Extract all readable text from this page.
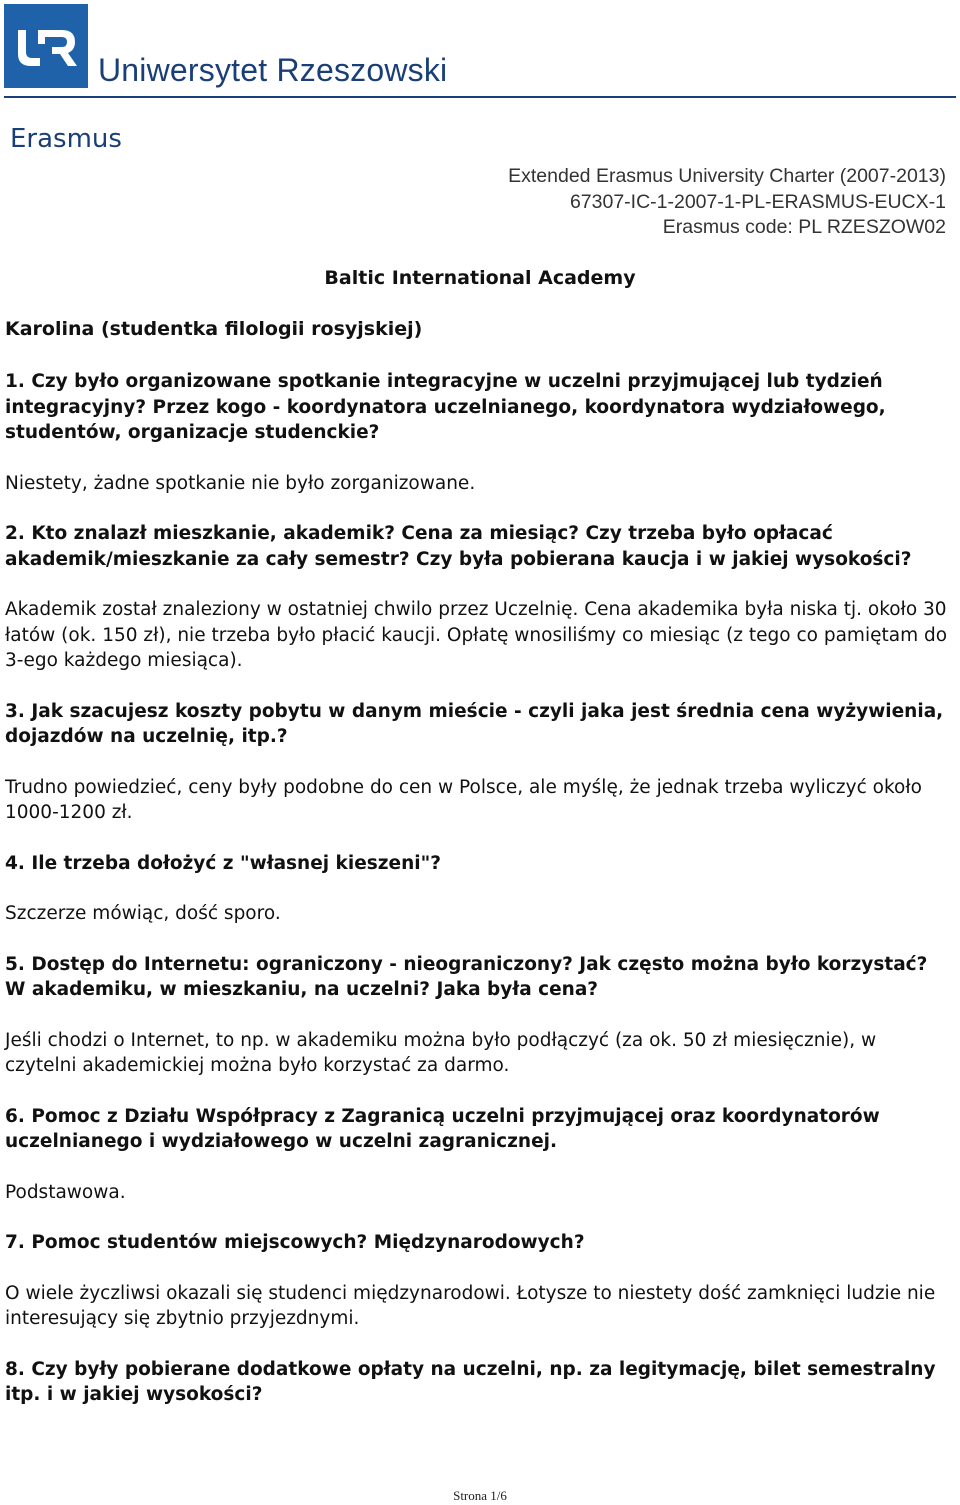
Uniwersytet Rzeszowski
Erasmus
Extended Erasmus University Charter (2007-2013)
67307-IC-1-2007-1-PL-ERASMUS-EUCX-1
Erasmus code: PL RZESZOW02
Baltic International Academy
Karolina (studentka filologii rosyjskiej)

1. Czy było organizowane spotkanie integracyjne w uczelni przyjmującej lub tydzień integracyjny? Przez kogo - koordynatora uczelnianego, koordynatora wydziałowego, studentów, organizacje studenckie?

Niestety, żadne spotkanie nie było zorganizowane.

2. Kto znalazł mieszkanie, akademik? Cena za miesiąc? Czy trzeba było opłacać akademik/mieszkanie za cały semestr? Czy była pobierana kaucja i w jakiej wysokości?

Akademik został znaleziony w ostatniej chwilo przez Uczelnię. Cena akademika była niska tj. około 30 łatów (ok. 150 zł), nie trzeba było płacić kaucji. Opłatę wnosiliśmy co miesiąc (z tego co pamiętam do 3-ego każdego miesiąca).

3. Jak szacujesz koszty pobytu w danym mieście - czyli jaka jest średnia cena wyżywienia, dojazdów na uczelnię, itp.?

Trudno powiedzieć, ceny były podobne do cen w Polsce, ale myślę, że jednak trzeba wyliczyć około 1000-1200 zł.

4. Ile trzeba dołożyć z "własnej kieszeni"?

Szczerze mówiąc, dość sporo.

5. Dostęp do Internetu: ograniczony - nieograniczony? Jak często można było korzystać? W akademiku, w mieszkaniu, na uczelni? Jaka była cena?

Jeśli chodzi o Internet, to np. w akademiku można było podłączyć (za ok. 50 zł miesięcznie), w czytelni akademickiej można było korzystać za darmo.

6. Pomoc z Działu Współpracy z Zagranicą uczelni przyjmującej oraz koordynatorów uczelnianego i wydziałowego w uczelni zagranicznej.

Podstawowa.

7. Pomoc studentów miejscowych? Międzynarodowych?

O wiele życzliwsi okazali się studenci międzynarodowi. Łotysze to niestety dość zamknięci ludzie nie interesujący się zbytnio przyjezdnymi.

8. Czy były pobierane dodatkowe opłaty na uczelni, np. za legitymację, bilet semestralny itp. i w jakiej wysokości?

Strona 1/6
